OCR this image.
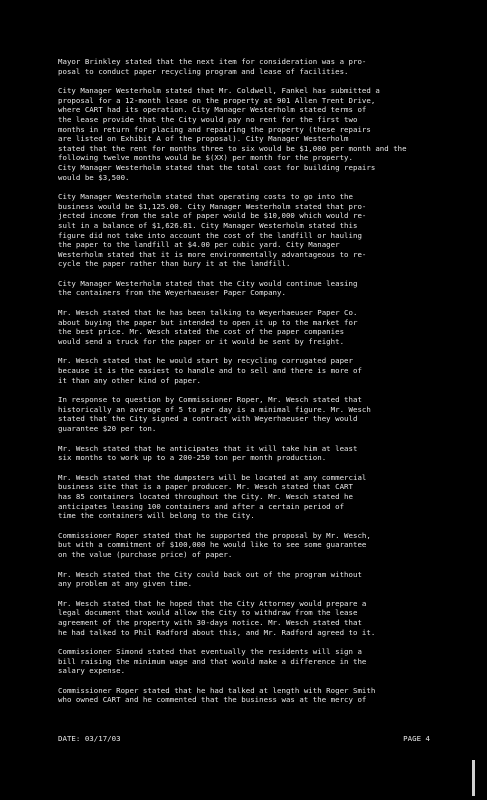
Mayor Brinkley stated that the next item for consideration was a pro-
posal to conduct paper recycling program and lease of facilities.

City Manager Westerholm stated that Mr. Coldwell, Fankel has submitted a
proposal for a 12-month lease on the property at 901 Allen Trent Drive,
where CART had its operation. City Manager Westerholm stated terms of
the lease provide that the City would pay no rent for the first two
months in return for placing and repairing the property (these repairs
are listed on Exhibit A of the proposal). City Manager Westerholm
stated that the rent for months three to six would be $1,000 per month and the
following twelve months would be $(XX) per month for the property.
City Manager Westerholm stated that the total cost for building repairs
would be $3,500.

City Manager Westerholm stated that operating costs to go into the
business would be $1,125.00. City Manager Westerholm stated that pro-
jected income from the sale of paper would be $10,000 which would re-
sult in a balance of $1,626.81. City Manager Westerholm stated this
figure did not take into account the cost of the landfill or hauling
the paper to the landfill at $4.00 per cubic yard. City Manager
Westerholm stated that it is more environmentally advantageous to re-
cycle the paper rather than bury it at the landfill.

City Manager Westerholm stated that the City would continue leasing
the containers from the Weyerhaeuser Paper Company.

Mr. Wesch stated that he has been talking to Weyerhaeuser Paper Co.
about buying the paper but intended to open it up to the market for
the best price. Mr. Wesch stated the cost of the paper companies
would send a truck for the paper or it would be sent by freight.

Mr. Wesch stated that he would start by recycling corrugated paper
because it is the easiest to handle and to sell and there is more of
it than any other kind of paper.

In response to question by Commissioner Roper, Mr. Wesch stated that
historically an average of 5 to per day is a minimal figure. Mr. Wesch
stated that the City signed a contract with Weyerhaeuser they would
guarantee $20 per ton.

Mr. Wesch stated that he anticipates that it will take him at least
six months to work up to a 200-250 ton per month production.

Mr. Wesch stated that the dumpsters will be located at any commercial
business site that is a paper producer. Mr. Wesch stated that CART
has 85 containers located throughout the City. Mr. Wesch stated he
anticipates leasing 100 containers and after a certain period of
time the containers will belong to the City.

Commissioner Roper stated that he supported the proposal by Mr. Wesch,
but with a commitment of $100,000 he would like to see some guarantee
on the value (purchase price) of paper.

Mr. Wesch stated that the City could back out of the program without
any problem at any given time.

Mr. Wesch stated that he hoped that the City Attorney would prepare a
legal document that would allow the City to withdraw from the lease
agreement of the property with 30-days notice. Mr. Wesch stated that
he had talked to Phil Radford about this, and Mr. Radford agreed to it.

Commissioner Simond stated that eventually the residents will sign a
bill raising the minimum wage and that would make a difference in the
salary expense.

Commissioner Roper stated that he had talked at length with Roger Smith
who owned CART and he commented that the business was at the mercy of

DATE: 03/17/03	PAGE 4
